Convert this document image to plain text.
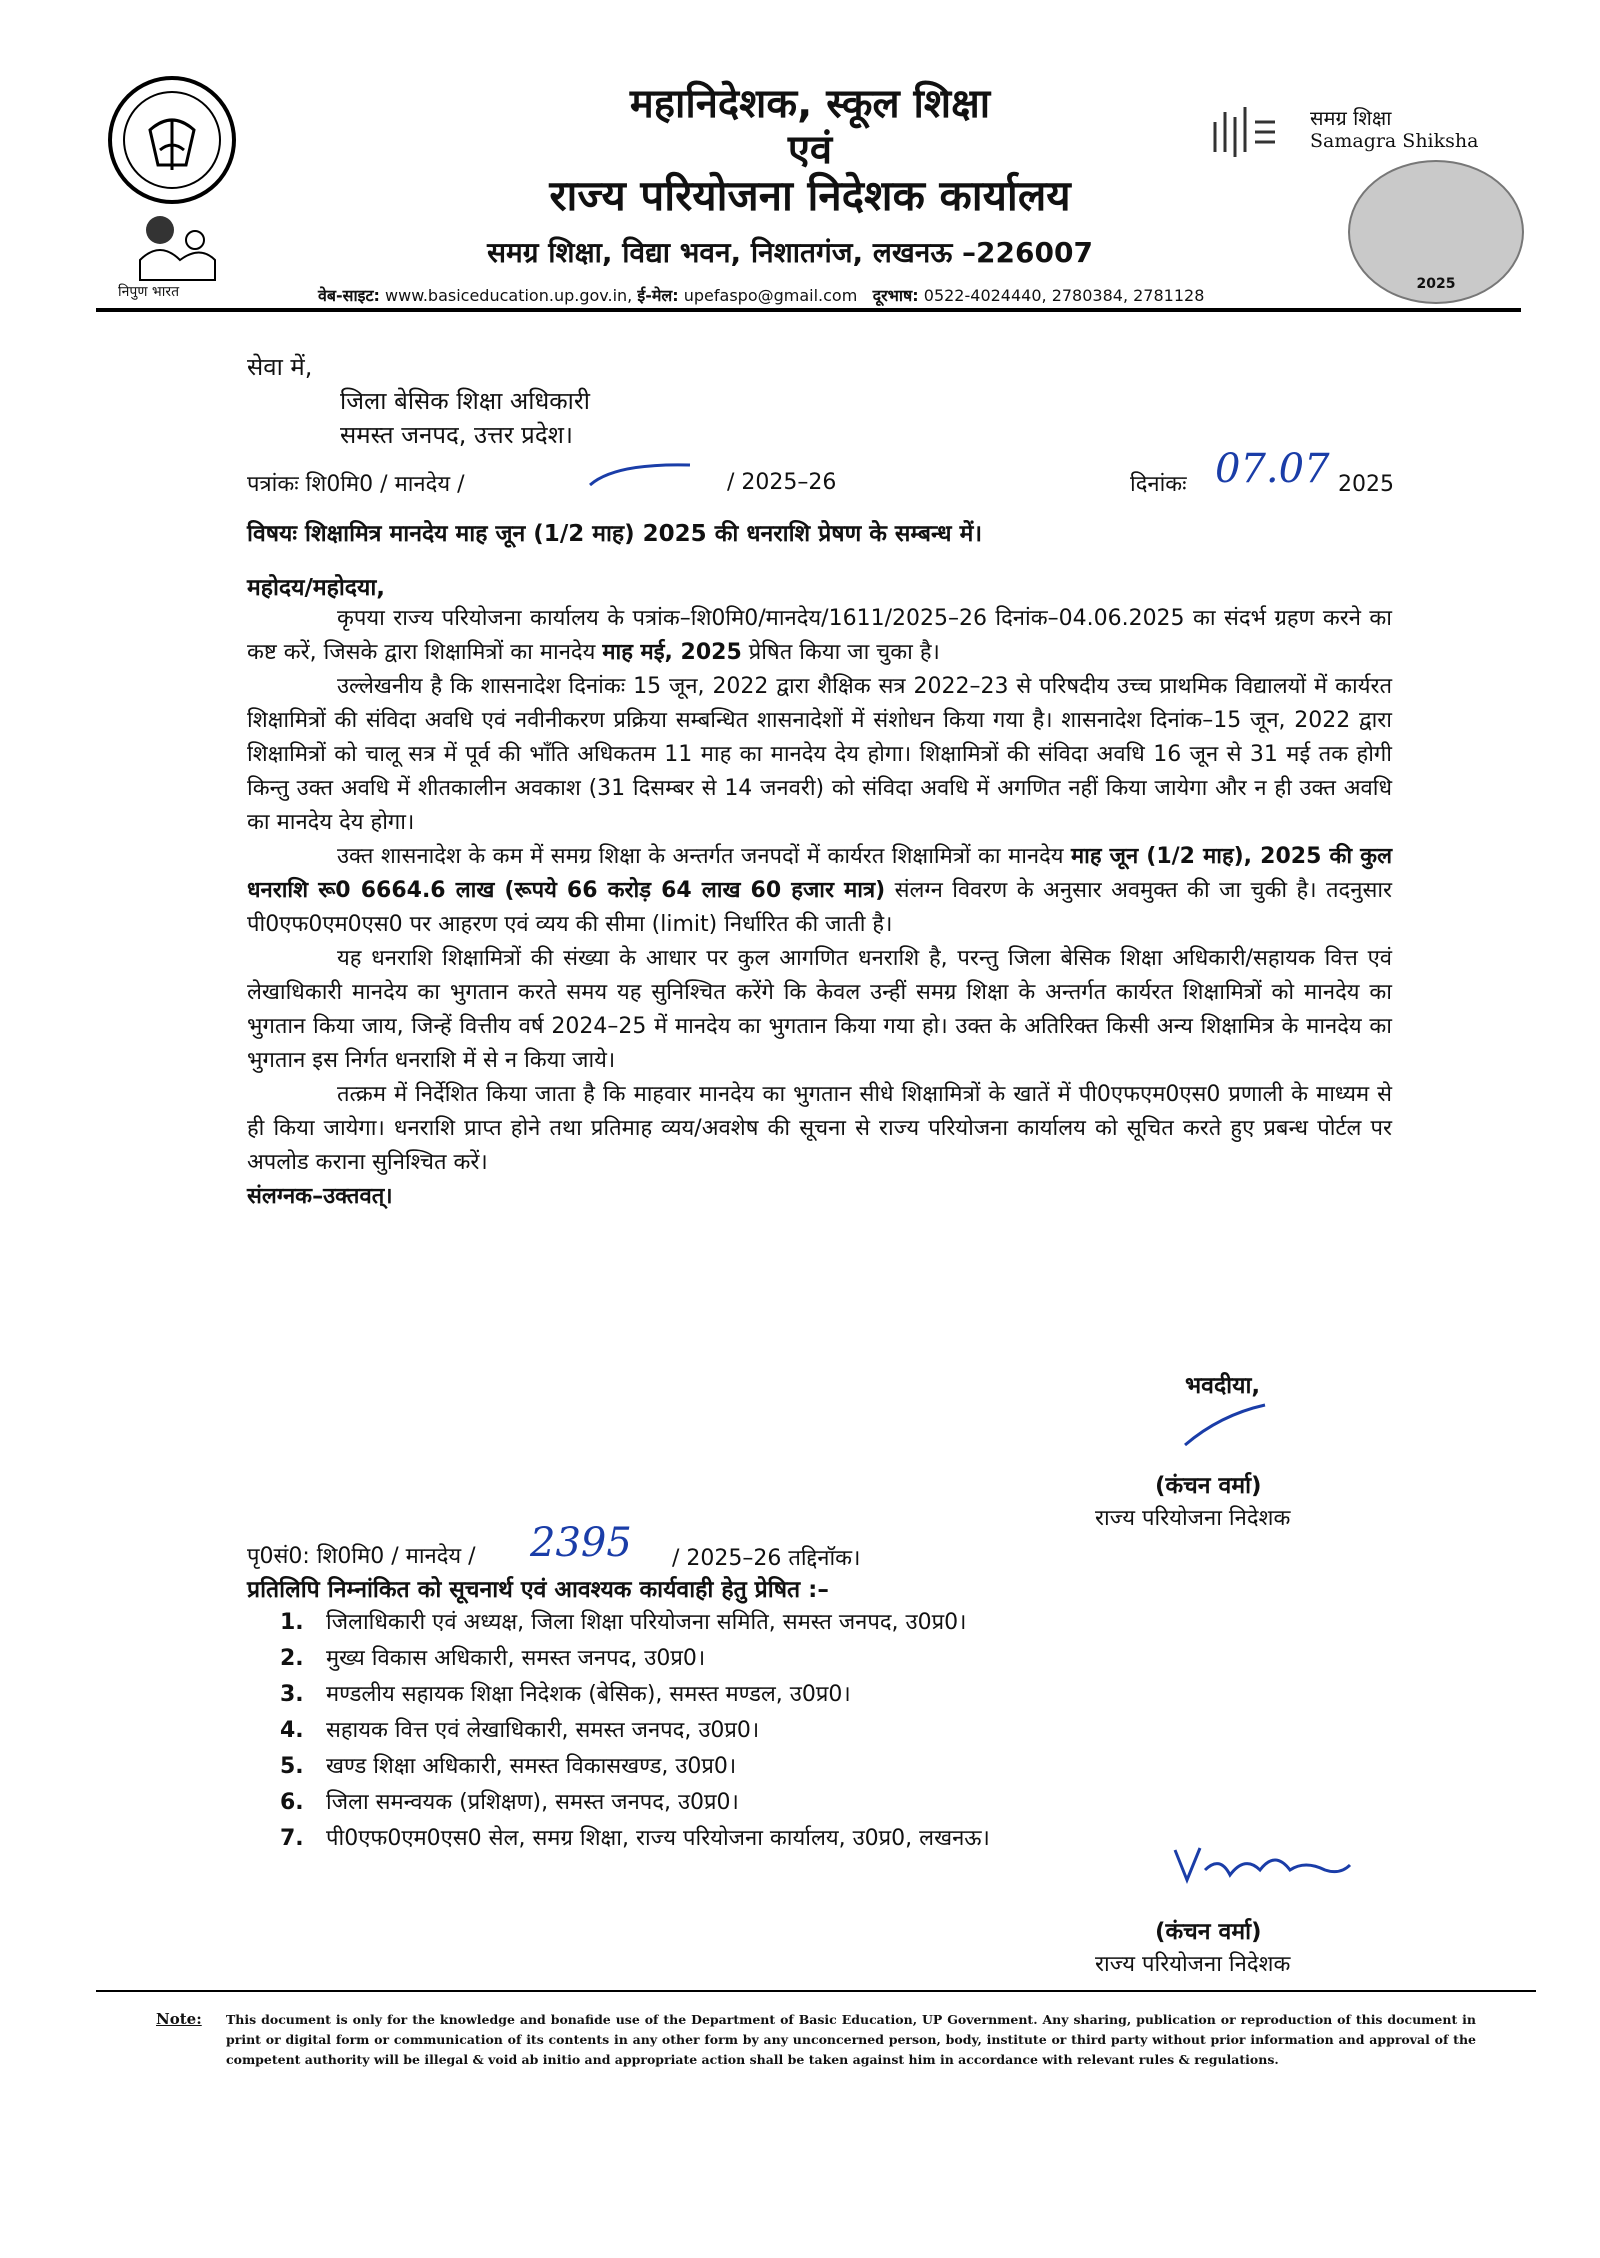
निपुण भारत
महानिदेशक, स्कूल शिक्षा
एवं
राज्य परियोजना निदेशक कार्यालय
समग्र शिक्षा, विद्या भवन, निशातगंज, लखनऊ –226007
वेब-साइट: www.basiceducation.up.gov.in, ई-मेल: upefaspo@gmail.com दूरभाष: 0522-4024440, 2780384, 2781128
समग्र शिक्षा
Samagra Shiksha
2025
सेवा में,
जिला बेसिक शिक्षा अधिकारी
समस्त जनपद, उत्तर प्रदेश।
पत्रांकः शि0मि0 / मानदेय /	/ 2025–26	दिनांकः 07.07 2025
विषयः शिक्षामित्र मानदेय माह जून (1/2 माह) 2025 की धनराशि प्रेषण के सम्बन्ध में।
महोदय/महोदया,

कृपया राज्य परियोजना कार्यालय के पत्रांक–शि0मि0/मानदेय/1611/2025–26 दिनांक–04.06.2025 का संदर्भ ग्रहण करने का कष्ट करें, जिसके द्वारा शिक्षामित्रों का मानदेय माह मई, 2025 प्रेषित किया जा चुका है।

उल्लेखनीय है कि शासनादेश दिनांकः 15 जून, 2022 द्वारा शैक्षिक सत्र 2022–23 से परिषदीय उच्च प्राथमिक विद्यालयों में कार्यरत शिक्षामित्रों की संविदा अवधि एवं नवीनीकरण प्रक्रिया सम्बन्धित शासनादेशों में संशोधन किया गया है। शासनादेश दिनांक–15 जून, 2022 द्वारा शिक्षामित्रों को चालू सत्र में पूर्व की भाँति अधिकतम 11 माह का मानदेय देय होगा। शिक्षामित्रों की संविदा अवधि 16 जून से 31 मई तक होगी किन्तु उक्त अवधि में शीतकालीन अवकाश (31 दिसम्बर से 14 जनवरी) को संविदा अवधि में अगणित नहीं किया जायेगा और न ही उक्त अवधि का मानदेय देय होगा।

उक्त शासनादेश के कम में समग्र शिक्षा के अन्तर्गत जनपदों में कार्यरत शिक्षामित्रों का मानदेय माह जून (1/2 माह), 2025 की कुल धनराशि रू0 6664.6 लाख (रूपये 66 करोड़ 64 लाख 60 हजार मात्र) संलग्न विवरण के अनुसार अवमुक्त की जा चुकी है। तदनुसार पी0एफ0एम0एस0 पर आहरण एवं व्यय की सीमा (limit) निर्धारित की जाती है।

यह धनराशि शिक्षामित्रों की संख्या के आधार पर कुल आगणित धनराशि है, परन्तु जिला बेसिक शिक्षा अधिकारी/सहायक वित्त एवं लेखाधिकारी मानदेय का भुगतान करते समय यह सुनिश्चित करेंगे कि केवल उन्हीं समग्र शिक्षा के अन्तर्गत कार्यरत शिक्षामित्रों को मानदेय का भुगतान किया जाय, जिन्हें वित्तीय वर्ष 2024–25 में मानदेय का भुगतान किया गया हो। उक्त के अतिरिक्त किसी अन्य शिक्षामित्र के मानदेय का भुगतान इस निर्गत धनराशि में से न किया जाये।

तत्क्रम में निर्देशित किया जाता है कि माहवार मानदेय का भुगतान सीधे शिक्षामित्रों के खातें में पी0एफएम0एस0 प्रणाली के माध्यम से ही किया जायेगा। धनराशि प्राप्त होने तथा प्रतिमाह व्यय/अवशेष की सूचना से राज्य परियोजना कार्यालय को सूचित करते हुए प्रबन्ध पोर्टल पर अपलोड कराना सुनिश्चित करें।

संलग्नक–उक्तवत्।

भवदीया,
(कंचन वर्मा)
राज्य परियोजना निदेशक
पृ0सं0: शि0मि0 / मानदेय / 2395 / 2025–26 तद्दिनॉक।
प्रतिलिपि निम्नांकित को सूचनार्थ एवं आवश्यक कार्यवाही हेतु प्रेषित :–
1.	जिलाधिकारी एवं अध्यक्ष, जिला शिक्षा परियोजना समिति, समस्त जनपद, उ0प्र0।
2.	मुख्य विकास अधिकारी, समस्त जनपद, उ0प्र0।
3.	मण्डलीय सहायक शिक्षा निदेशक (बेसिक), समस्त मण्डल, उ0प्र0।
4.	सहायक वित्त एवं लेखाधिकारी, समस्त जनपद, उ0प्र0।
5.	खण्ड शिक्षा अधिकारी, समस्त विकासखण्ड, उ0प्र0।
6.	जिला समन्वयक (प्रशिक्षण), समस्त जनपद, उ0प्र0।
7.	पी0एफ0एम0एस0 सेल, समग्र शिक्षा, राज्य परियोजना कार्यालय, उ0प्र0, लखनऊ।
(कंचन वर्मा)
राज्य परियोजना निदेशक
Note: This document is only for the knowledge and bonafide use of the Department of Basic Education, UP Government. Any sharing, publication or reproduction of this document in print or digital form or communication of its contents in any other form by any unconcerned person, body, institute or third party without prior information and approval of the competent authority will be illegal & void ab initio and appropriate action shall be taken against him in accordance with relevant rules & regulations.
